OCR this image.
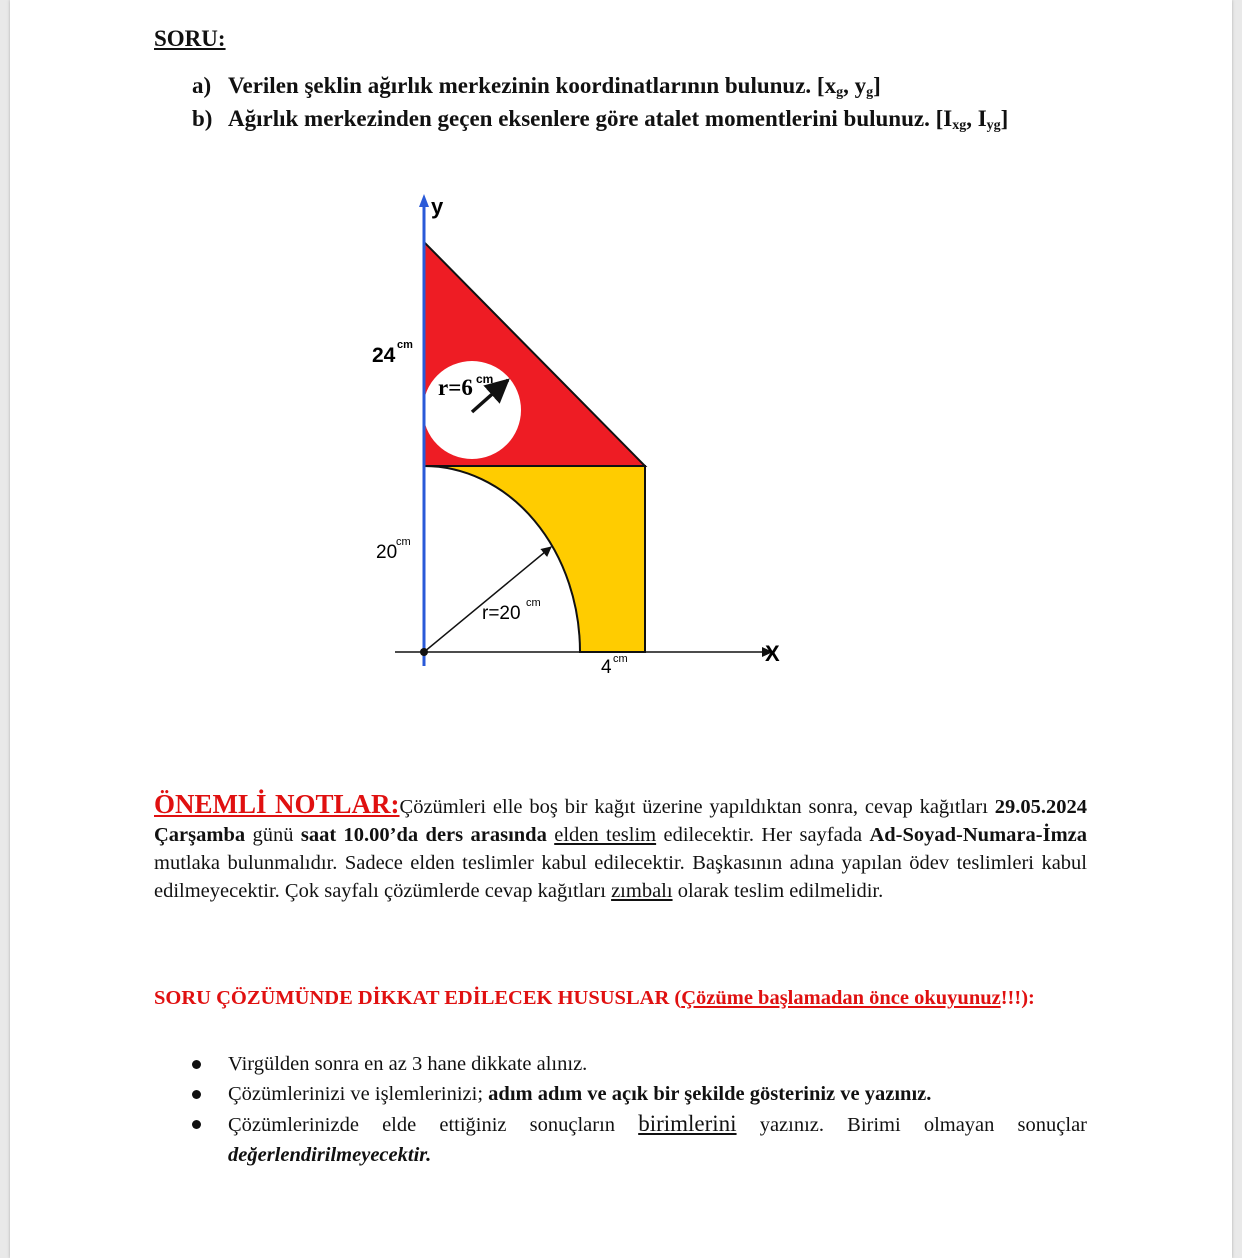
SORU:
a) Verilen şeklin ağırlık merkezinin koordinatlarının bulunuz. [$x_g$, $y_g$]
b) Ağırlık merkezinden geçen eksenlere göre atalet momentlerini bulunuz. [$I_{xg}$, $I_{yg}$]
y
X
24 cm
20
cm
4 cm
r=6 cm
r=20 cm
ÖNEMLİ NOTLAR:Çözümleri elle boş bir kağıt üzerine yapıldıktan sonra, cevap kağıtları 29.05.2024 Çarşamba günü saat 10.00’da ders arasında elden teslim edilecektir. Her sayfada Ad-Soyad-Numara-İmza mutlaka bulunmalıdır. Sadece elden teslimler kabul edilecektir. Başkasının adına yapılan ödev teslimleri kabul edilmeyecektir. Çok sayfalı çözümlerde cevap kağıtları zımbalı olarak teslim edilmelidir.
SORU ÇÖZÜMÜNDE DİKKAT EDİLECEK HUSUSLAR (Çözüme başlamadan önce okuyunuz!!!):
Virgülden sonra en az 3 hane dikkate alınız.
Çözümlerinizi ve işlemlerinizi; adım adım ve açık bir şekilde gösteriniz ve yazınız.
Çözümlerinizde elde ettiğiniz sonuçların birimlerini yazınız. Birimi olmayan sonuçlar değerlendirilmeyecektir.
